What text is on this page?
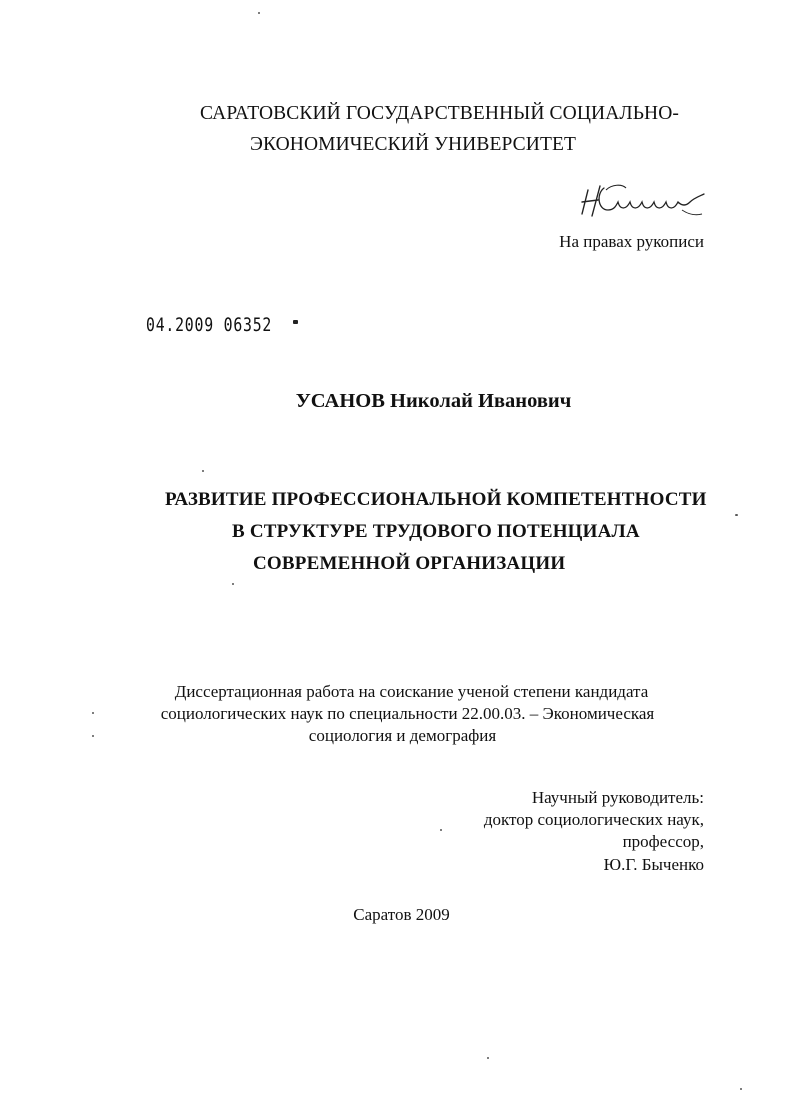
САРАТОВСКИЙ ГОСУДАРСТВЕННЫЙ СОЦИАЛЬНО-
ЭКОНОМИЧЕСКИЙ УНИВЕРСИТЕТ
На правах рукописи
04.2009 06352
УСАНОВ Николай Иванович
РАЗВИТИЕ ПРОФЕССИОНАЛЬНОЙ КОМПЕТЕНТНОСТИ
В СТРУКТУРЕ ТРУДОВОГО ПОТЕНЦИАЛА
СОВРЕМЕННОЙ ОРГАНИЗАЦИИ
Диссертационная работа на соискание ученой степени кандидата
социологических наук по специальности 22.00.03. – Экономическая
социология и демография
Научный руководитель:
доктор социологических наук,
профессор,
Ю.Г. Быченко
Саратов 2009
